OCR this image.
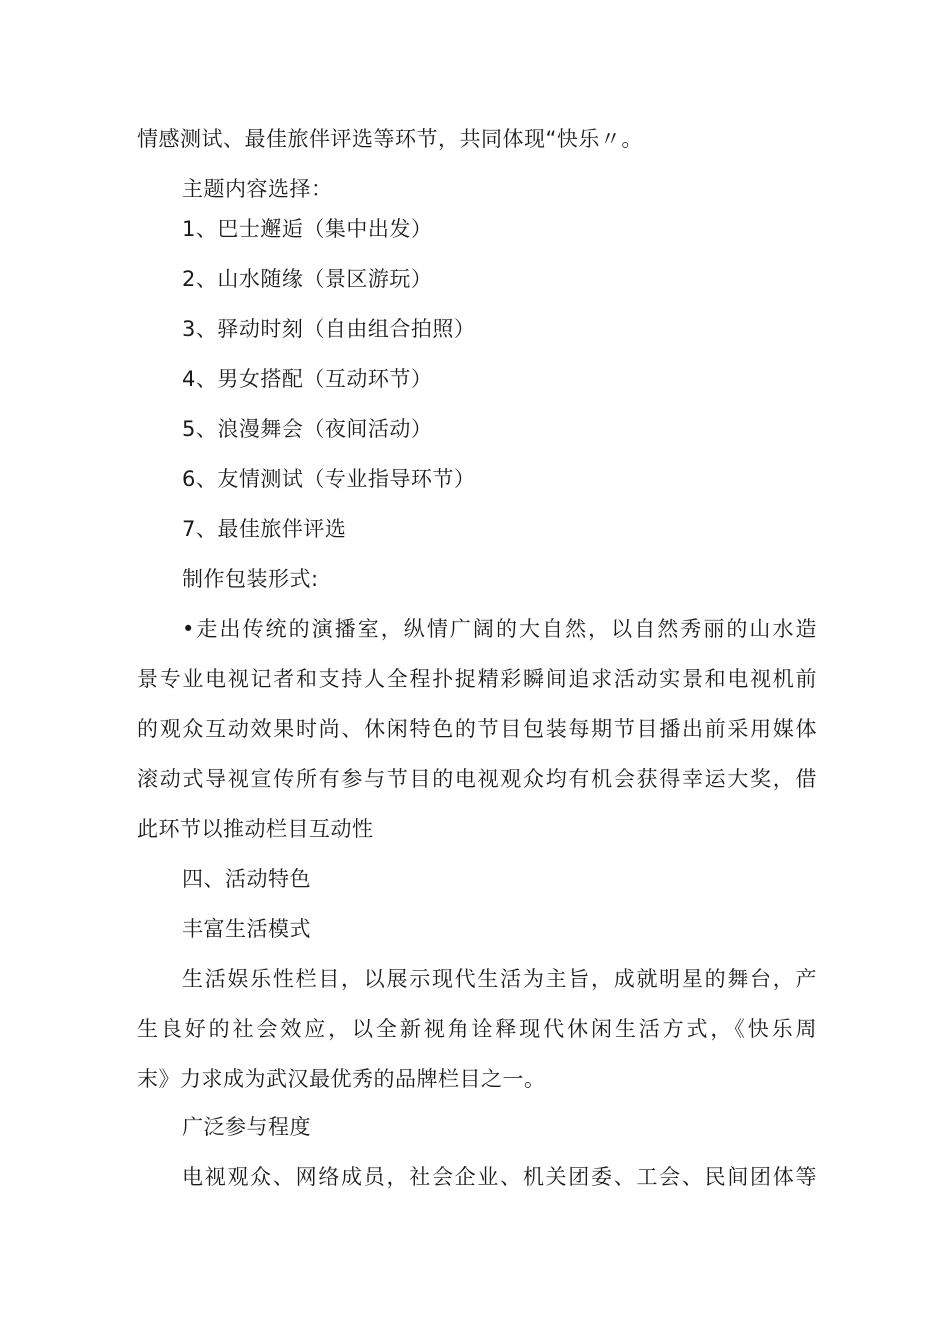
情感测试、最佳旅伴评选等环节，共同体现“快乐〃。
主题内容选择：
1、巴士邂逅（集中出发）
2、山水随缘（景区游玩）
3、驿动时刻（自由组合拍照）
4、男女搭配（互动环节）
5、浪漫舞会（夜间活动）
6、友情测试（专业指导环节）
7、最佳旅伴评选
制作包装形式:
•走出传统的演播室，纵情广阔的大自然，以自然秀丽的山水造
景专业电视记者和支持人全程扑捉精彩瞬间追求活动实景和电视机前
的观众互动效果时尚、休闲特色的节目包装每期节目播出前采用媒体
滚动式导视宣传所有参与节目的电视观众均有机会获得幸运大奖，借
此环节以推动栏目互动性
四、活动特色
丰富生活模式
生活娱乐性栏目，以展示现代生活为主旨，成就明星的舞台，产
生良好的社会效应，以全新视角诠释现代休闲生活方式，《快乐周
末》力求成为武汉最优秀的品牌栏目之一。
广泛参与程度
电视观众、网络成员，社会企业、机关团委、工会、民间团体等
